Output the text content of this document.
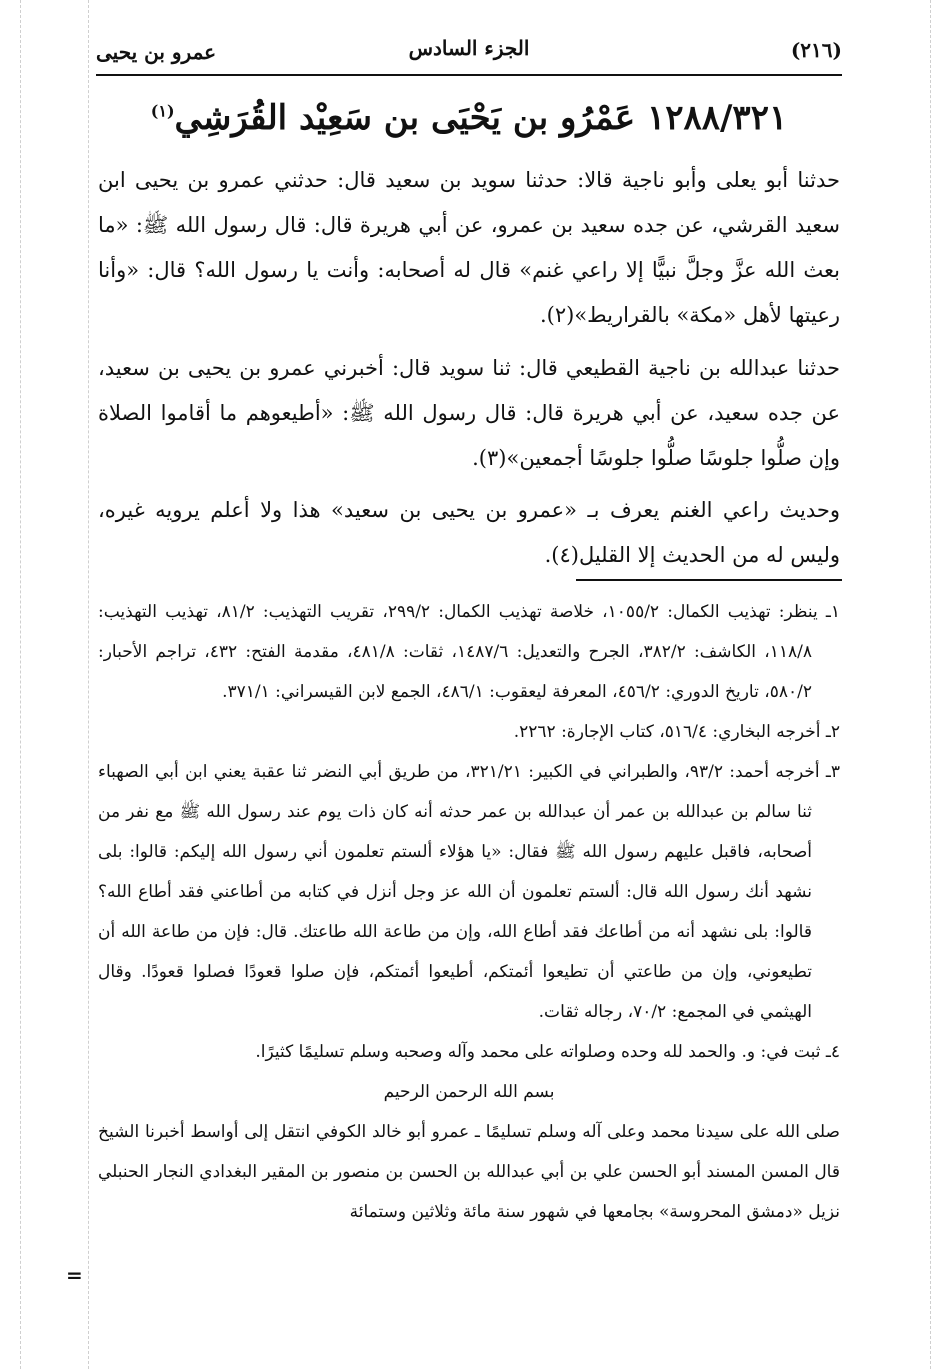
عمرو بن يحيى	الجزء السادس	(٢١٦)
١٢٨٨/٣٢١ عَمْرُو بن يَحْيَى بن سَعِيْد القُرَشِي$^{(١)}$
حدثنا أبو يعلى وأبو ناجية قالا: حدثنا سويد بن سعيد قال: حدثني عمرو بن يحيى ابن سعيد القرشي، عن جده سعيد بن عمرو، عن أبي هريرة قال: قال رسول الله ﷺ: «ما بعث الله عزَّ وجلَّ نبيًّا إلا راعي غنم» قال له أصحابه: وأنت يا رسول الله؟ قال: «وأنا رعيتها لأهل «مكة» بالقراريط»(٢).
حدثنا عبدالله بن ناجية القطيعي قال: ثنا سويد قال: أخبرني عمرو بن يحيى بن سعيد، عن جده سعيد، عن أبي هريرة قال: قال رسول الله ﷺ: «أطيعوهم ما أقاموا الصلاة وإن صلُّوا جلوسًا صلُّوا جلوسًا أجمعين»(٣).
وحديث راعي الغنم يعرف بـ «عمرو بن يحيى بن سعيد» هذا ولا أعلم يرويه غيره، وليس له من الحديث إلا القليل(٤).

١ـ ينظر: تهذيب الكمال: ١٠٥٥/٢، خلاصة تهذيب الكمال: ٢٩٩/٢، تقريب التهذيب: ٨١/٢، تهذيب التهذيب: ١١٨/٨، الكاشف: ٣٨٢/٢، الجرح والتعديل: ١٤٨٧/٦، ثقات: ٤٨١/٨، مقدمة الفتح: ٤٣٢، تراجم الأحبار: ٥٨٠/٢، تاريخ الدوري: ٤٥٦/٢، المعرفة ليعقوب: ٤٨٦/١، الجمع لابن القيسراني: ٣٧١/١.

٢ـ أخرجه البخاري: ٥١٦/٤، كتاب الإجارة: ٢٢٦٢.

٣ـ أخرجه أحمد: ٩٣/٢، والطبراني في الكبير: ٣٢١/٢١، من طريق أبي النضر ثنا عقبة يعني ابن أبي الصهباء ثنا سالم بن عبدالله بن عمر أن عبدالله بن عمر حدثه أنه كان ذات يوم عند رسول الله ﷺ مع نفر من أصحابه، فاقبل عليهم رسول الله ﷺ فقال: «يا هؤلاء ألستم تعلمون أني رسول الله إليكم: قالوا: بلى نشهد أنك رسول الله قال: ألستم تعلمون أن الله عز وجل أنزل في كتابه من أطاعني فقد أطاع الله؟ قالوا: بلى نشهد أنه من أطاعك فقد أطاع الله، وإن من طاعة الله طاعتك. قال: فإن من طاعة الله أن تطيعوني، وإن من طاعتي أن تطيعوا أئمتكم، أطيعوا أئمتكم، فإن صلوا قعودًا فصلوا قعودًا. وقال الهيثمي في المجمع: ٧٠/٢، رجاله ثقات.

٤ـ ثبت في: و. والحمد لله وحده وصلواته على محمد وآله وصحبه وسلم تسليمًا كثيرًا.

بسم الله الرحمن الرحيم

صلى الله على سيدنا محمد وعلى آله وسلم تسليمًا ـ عمرو أبو خالد الكوفي انتقل إلى أواسط أخبرنا الشيخ قال المسن المسند أبو الحسن علي بن أبي عبدالله بن الحسن بن منصور بن المقير البغدادي النجار الحنبلي نزيل «دمشق المحروسة» بجامعها في شهور سنة مائة وثلاثين وستمائة

=
